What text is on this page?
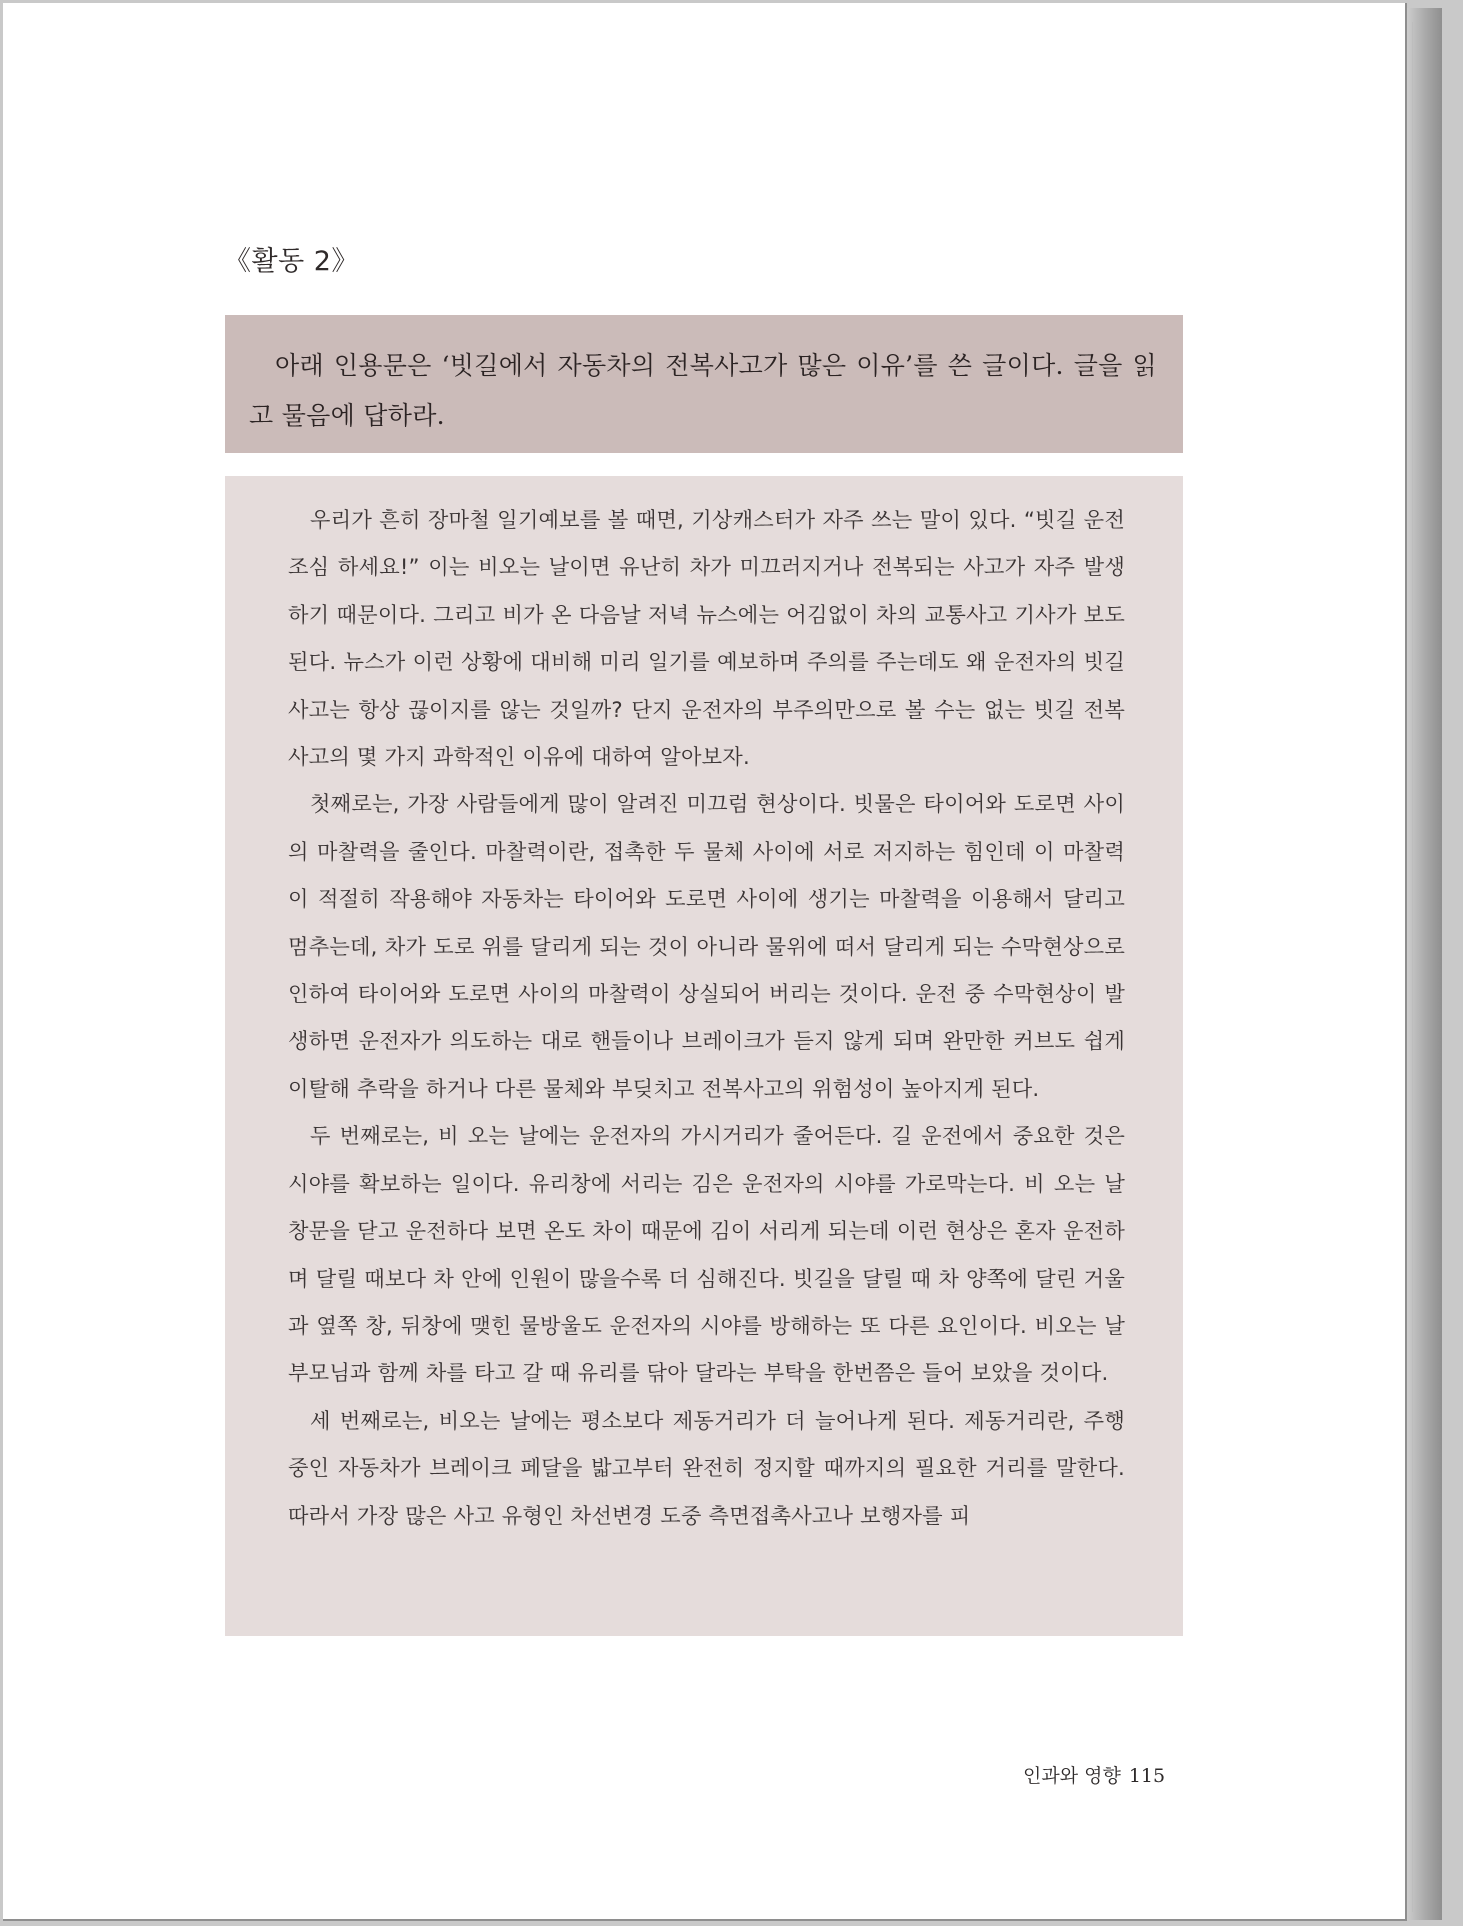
《활동 2》

아래 인용문은 ‘빗길에서 자동차의 전복사고가 많은 이유’를 쓴 글이다. 글을 읽고 물음에 답하라.

우리가 흔히 장마철 일기예보를 볼 때면, 기상캐스터가 자주 쓰는 말이 있다. “빗길 운전조심 하세요!” 이는 비오는 날이면 유난히 차가 미끄러지거나 전복되는 사고가 자주 발생하기 때문이다. 그리고 비가 온 다음날 저녁 뉴스에는 어김없이 차의 교통사고 기사가 보도된다. 뉴스가 이런 상황에 대비해 미리 일기를 예보하며 주의를 주는데도 왜 운전자의 빗길사고는 항상 끊이지를 않는 것일까? 단지 운전자의 부주의만으로 볼 수는 없는 빗길 전복사고의 몇 가지 과학적인 이유에 대하여 알아보자.

첫째로는, 가장 사람들에게 많이 알려진 미끄럼 현상이다. 빗물은 타이어와 도로면 사이의 마찰력을 줄인다. 마찰력이란, 접촉한 두 물체 사이에 서로 저지하는 힘인데 이 마찰력이 적절히 작용해야 자동차는 타이어와 도로면 사이에 생기는 마찰력을 이용해서 달리고 멈추는데, 차가 도로 위를 달리게 되는 것이 아니라 물위에 떠서 달리게 되는 수막현상으로 인하여 타이어와 도로면 사이의 마찰력이 상실되어 버리는 것이다. 운전 중 수막현상이 발생하면 운전자가 의도하는 대로 핸들이나 브레이크가 듣지 않게 되며 완만한 커브도 쉽게 이탈해 추락을 하거나 다른 물체와 부딪치고 전복사고의 위험성이 높아지게 된다.

두 번째로는, 비 오는 날에는 운전자의 가시거리가 줄어든다. 길 운전에서 중요한 것은 시야를 확보하는 일이다. 유리창에 서리는 김은 운전자의 시야를 가로막는다. 비 오는 날 창문을 닫고 운전하다 보면 온도 차이 때문에 김이 서리게 되는데 이런 현상은 혼자 운전하며 달릴 때보다 차 안에 인원이 많을수록 더 심해진다. 빗길을 달릴 때 차 양쪽에 달린 거울과 옆쪽 창, 뒤창에 맺힌 물방울도 운전자의 시야를 방해하는 또 다른 요인이다. 비오는 날 부모님과 함께 차를 타고 갈 때 유리를 닦아 달라는 부탁을 한번쯤은 들어 보았을 것이다.

세 번째로는, 비오는 날에는 평소보다 제동거리가 더 늘어나게 된다. 제동거리란, 주행 중인 자동차가 브레이크 페달을 밟고부터 완전히 정지할 때까지의 필요한 거리를 말한다. 따라서 가장 많은 사고 유형인 차선변경 도중 측면접촉사고나 보행자를 피

인과와 영향 115
